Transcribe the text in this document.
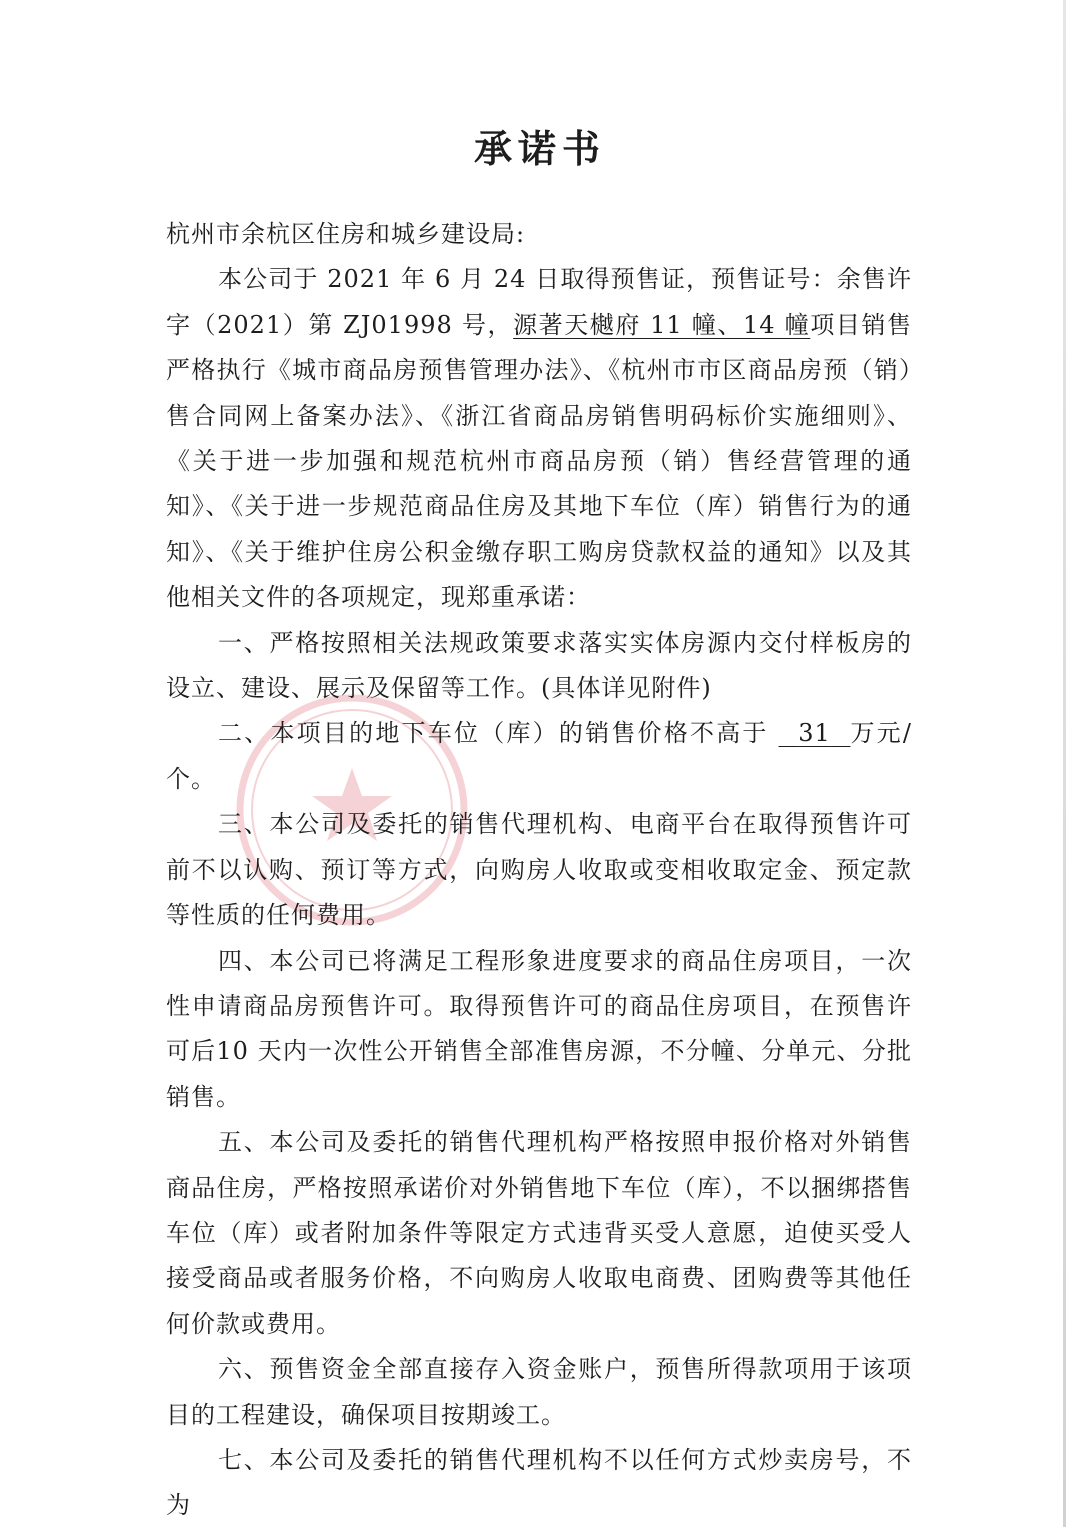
承诺书

杭州市余杭区住房和城乡建设局:

本公司于 2021 年 6 月 24 日取得预售证，预售证号：余售许字（2021）第 ZJ01998 号，源著天樾府 11 幢、14 幢项目销售严格执行《城市商品房预售管理办法》、《杭州市市区商品房预（销）售合同网上备案办法》、《浙江省商品房销售明码标价实施细则》、《关于进一步加强和规范杭州市商品房预（销）售经营管理的通知》、《关于进一步规范商品住房及其地下车位（库）销售行为的通知》、《关于维护住房公积金缴存职工购房贷款权益的通知》以及其他相关文件的各项规定，现郑重承诺：

一、严格按照相关法规政策要求落实实体房源内交付样板房的设立、建设、展示及保留等工作。(具体详见附件)

二、本项目的地下车位（库）的销售价格不高于 31 万元/个。

三、本公司及委托的销售代理机构、电商平台在取得预售许可前不以认购、预订等方式，向购房人收取或变相收取定金、预定款等性质的任何费用。

四、本公司已将满足工程形象进度要求的商品住房项目，一次性申请商品房预售许可。取得预售许可的商品住房项目，在预售许可后10 天内一次性公开销售全部准售房源，不分幢、分单元、分批销售。

五、本公司及委托的销售代理机构严格按照申报价格对外销售商品住房，严格按照承诺价对外销售地下车位（库），不以捆绑搭售车位（库）或者附加条件等限定方式违背买受人意愿，迫使买受人接受商品或者服务价格，不向购房人收取电商费、团购费等其他任何价款或费用。

六、预售资金全部直接存入资金账户，预售所得款项用于该项目的工程建设，确保项目按期竣工。

七、本公司及委托的销售代理机构不以任何方式炒卖房号，不为
